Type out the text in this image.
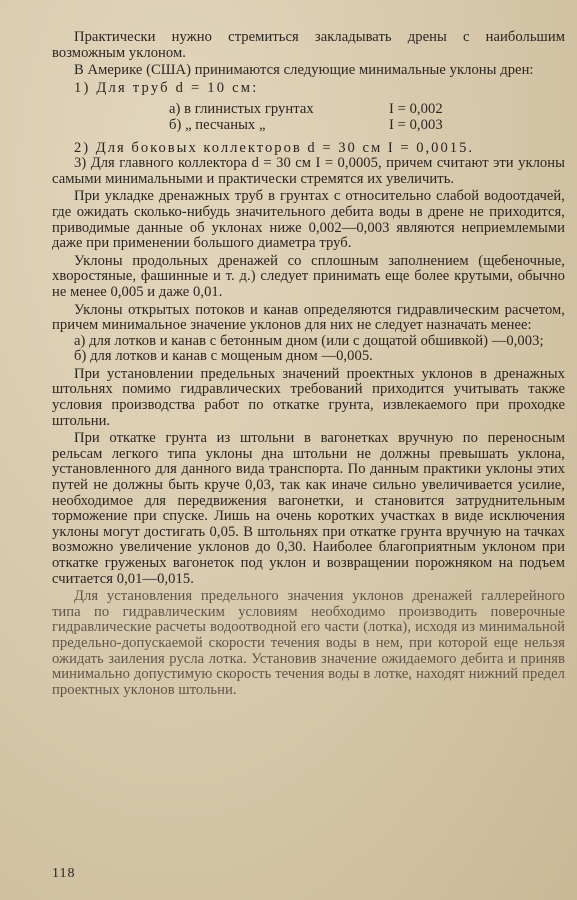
Практически нужно стремиться закладывать дрены с наибольшим возможным уклоном.

В Америке (США) принимаются следующие минимальные уклоны дрен:

1) Для труб d = 10 см:

а) в глинистых грунтах	I = 0,002
б) „ песчаных „	I = 0,003

2) Для боковых коллекторов d = 30 см I = 0,0015.

3) Для главного коллектора d = 30 см I = 0,0005, причем считают эти уклоны самыми минимальными и практически стремятся их увеличить.

При укладке дренажных труб в грунтах с относительно слабой водоотдачей, где ожидать сколько-нибудь значительного дебита воды в дрене не приходится, приводимые данные об уклонах ниже 0,002—0,003 являются неприемлемыми даже при применении большого диаметра труб.

Уклоны продольных дренажей со сплошным заполнением (щебеночные, хворостяные, фашинные и т. д.) следует принимать еще более крутыми, обычно не менее 0,005 и даже 0,01.

Уклоны открытых потоков и канав определяются гидравлическим расчетом, причем минимальное значение уклонов для них не следует назначать менее:

а) для лотков и канав с бетонным дном (или с дощатой обшивкой) —0,003;

б) для лотков и канав с мощеным дном —0,005.

При установлении предельных значений проектных уклонов в дренажных штольнях помимо гидравлических требований приходится учитывать также условия производства работ по откатке грунта, извлекаемого при проходке штольни.

При откатке грунта из штольни в вагонетках вручную по переносным рельсам легкого типа уклоны дна штольни не должны превышать уклона, установленного для данного вида транспорта. По данным практики уклоны этих путей не должны быть круче 0,03, так как иначе сильно увеличивается усилие, необходимое для передвижения вагонетки, и становится затруднительным торможение при спуске. Лишь на очень коротких участках в виде исключения уклоны могут достигать 0,05. В штольнях при откатке грунта вручную на тачках возможно увеличение уклонов до 0,30. Наиболее благоприятным уклоном при откатке груженых вагонеток под уклон и возвращении порожняком на подъем считается 0,01—0,015.

Для установления предельного значения уклонов дренажей галлерейного типа по гидравлическим условиям необходимо производить поверочные гидравлические расчеты водоотводной его части (лотка), исходя из минимальной предельно-допускаемой скорости течения воды в нем, при которой еще нельзя ожидать заиления русла лотка. Установив значение ожидаемого дебита и приняв минимально допустимую скорость течения воды в лотке, находят нижний предел проектных уклонов штольни.

118
